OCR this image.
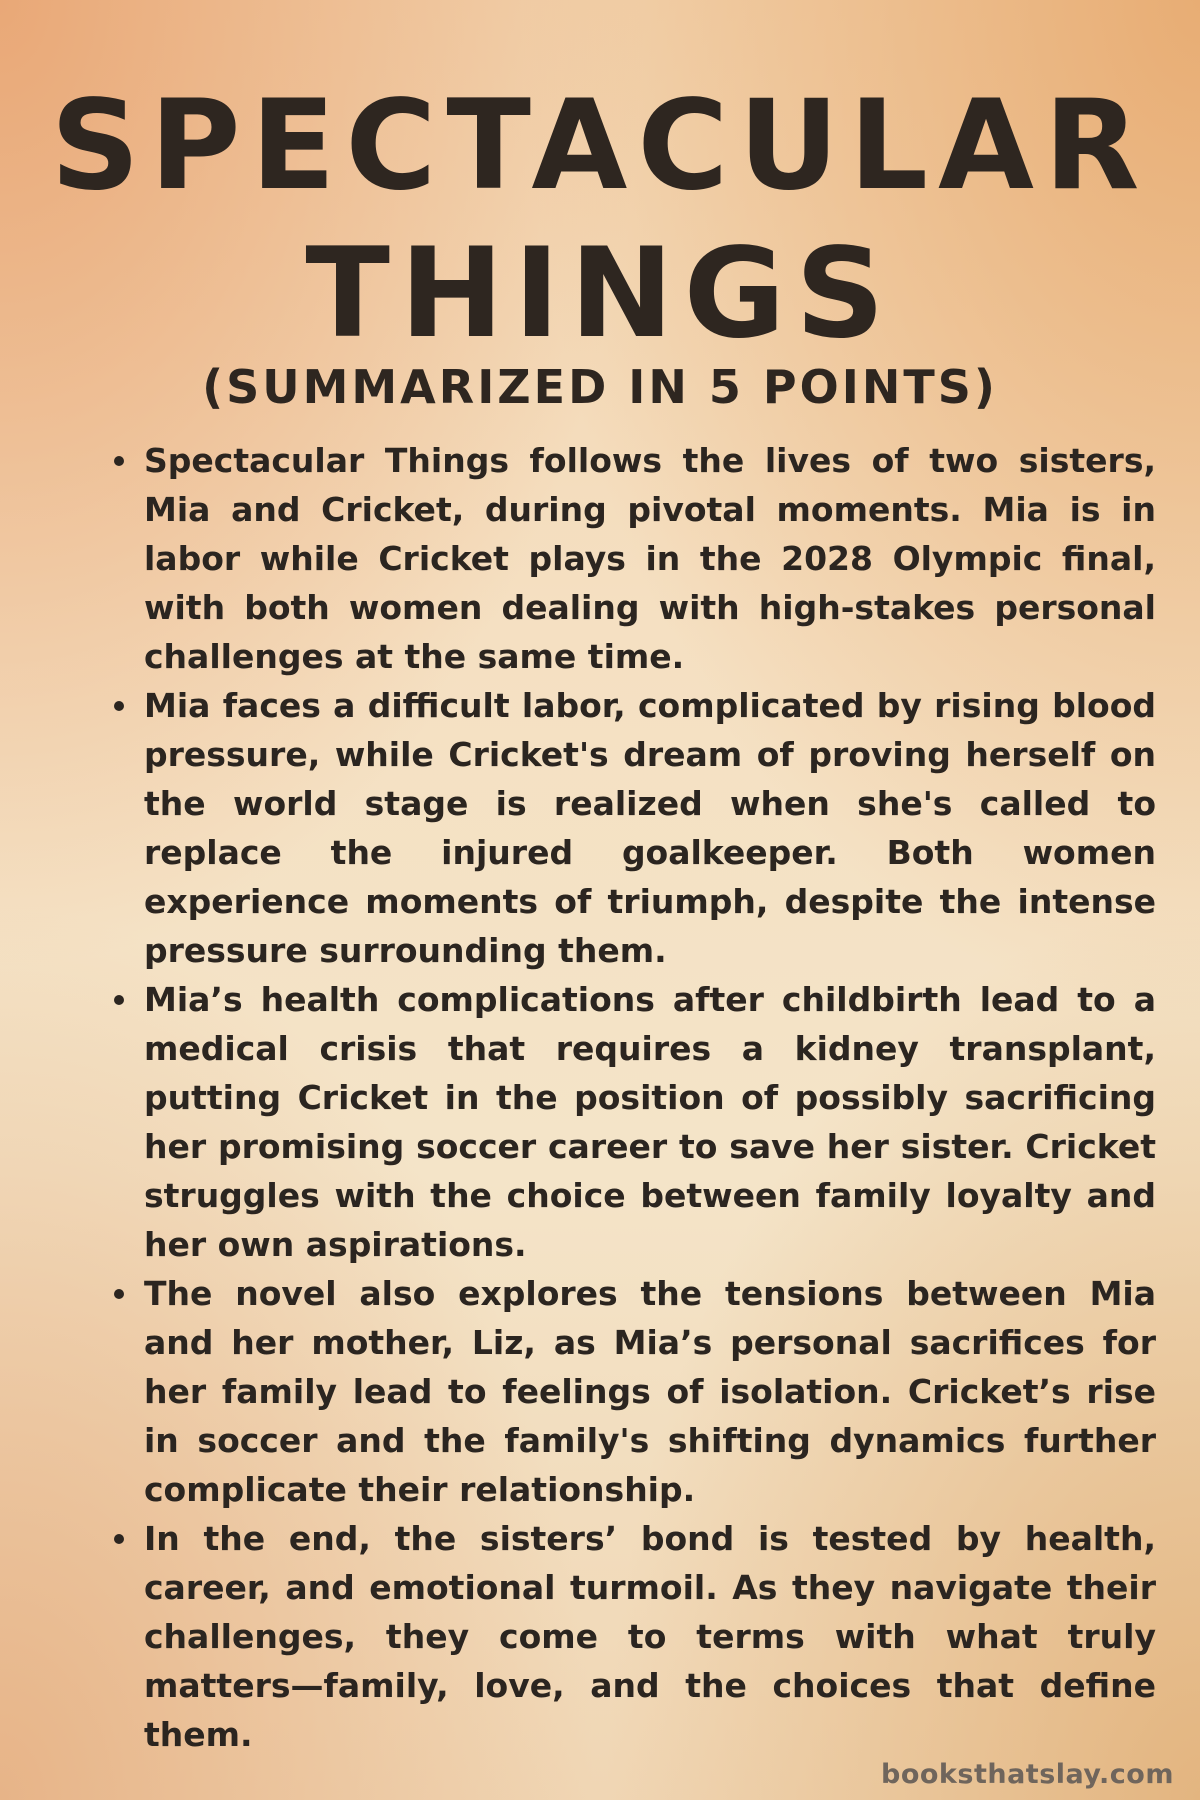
SPECTACULAR
THINGS
(SUMMARIZED IN 5 POINTS)
Spectacular Things follows the lives of two sisters, Mia and Cricket, during pivotal moments. Mia is in labor while Cricket plays in the 2028 Olympic final, with both women dealing with high-stakes personal challenges at the same time.
Mia faces a difficult labor, complicated by rising blood pressure, while Cricket's dream of proving herself on the world stage is realized when she's called to replace the injured goalkeeper. Both women experience moments of triumph, despite the intense pressure surrounding them.
Mia’s health complications after childbirth lead to a medical crisis that requires a kidney transplant, putting Cricket in the position of possibly sacrificing her promising soccer career to save her sister. Cricket struggles with the choice between family loyalty and her own aspirations.
The novel also explores the tensions between Mia and her mother, Liz, as Mia’s personal sacrifices for her family lead to feelings of isolation. Cricket’s rise in soccer and the family's shifting dynamics further complicate their relationship.
In the end, the sisters’ bond is tested by health, career, and emotional turmoil. As they navigate their challenges, they come to terms with what truly matters—family, love, and the choices that define them.
booksthatslay.com
